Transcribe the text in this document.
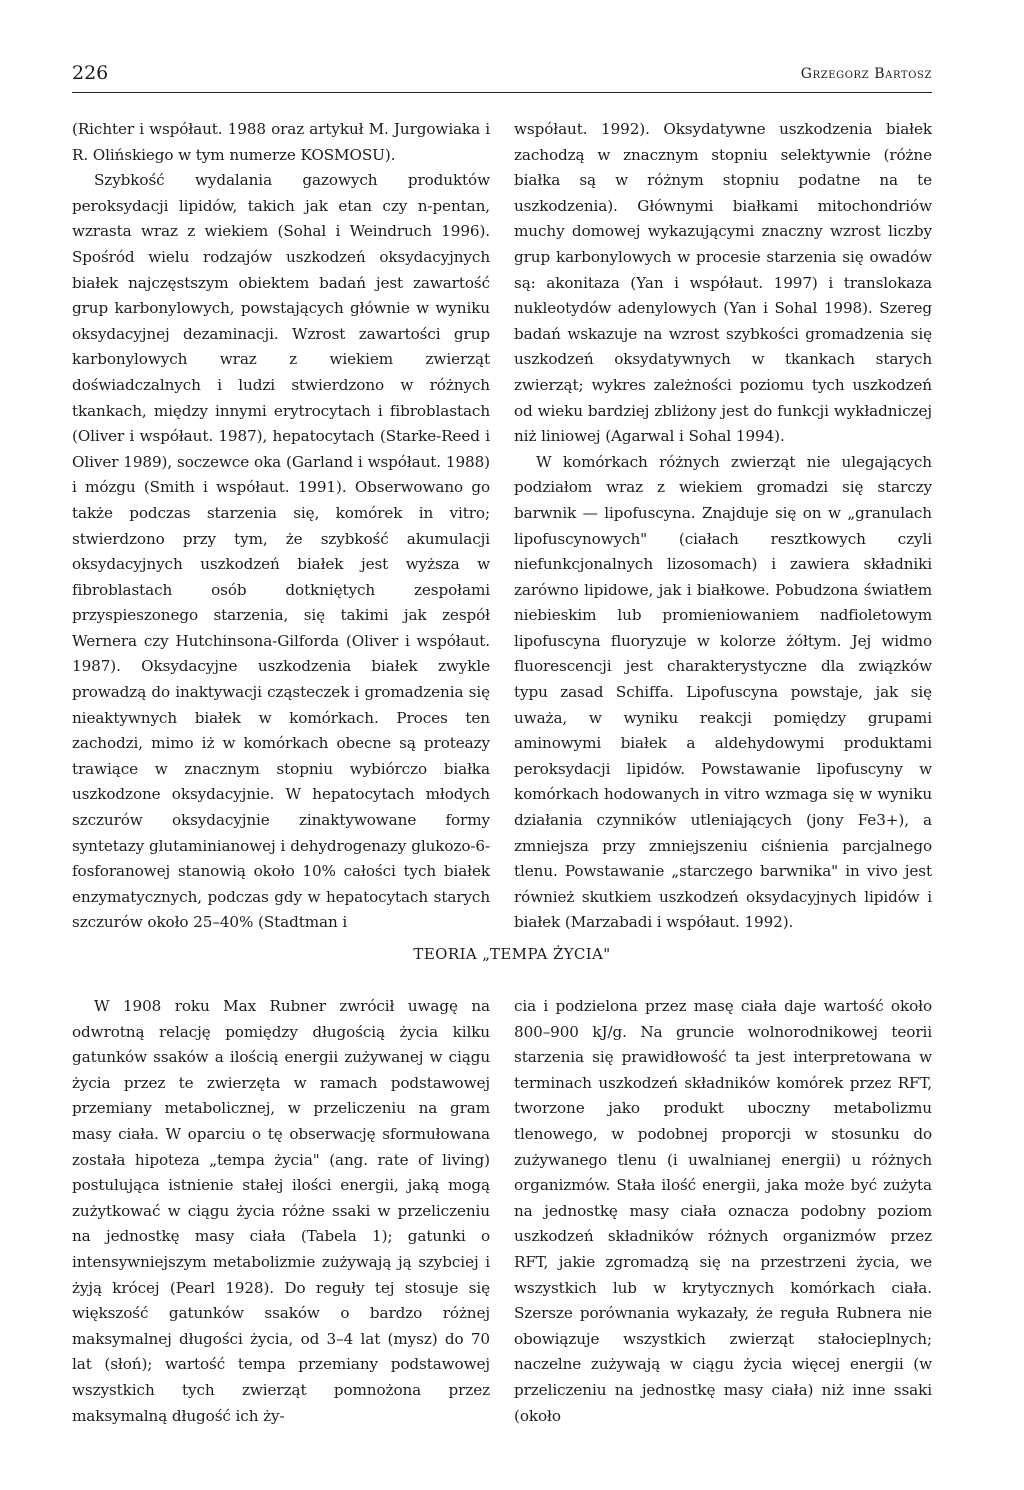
226	Grzegorz Bartosz

(Richter i współaut. 1988 oraz artykuł M. Jurgowiaka i R. Olińskiego w tym numerze KOSMOSU).

Szybkość wydalania gazowych produktów peroksydacji lipidów, takich jak etan czy n-pentan, wzrasta wraz z wiekiem (Sohal i Weindruch 1996). Spośród wielu rodzajów uszkodzeń oksydacyjnych białek najczęstszym obiektem badań jest zawartość grup karbonylowych, powstających głównie w wyniku oksydacyjnej dezaminacji. Wzrost zawartości grup karbonylowych wraz z wiekiem zwierząt doświadczalnych i ludzi stwierdzono w różnych tkankach, między innymi erytrocytach i fibroblastach (Oliver i współaut. 1987), hepatocytach (Starke-Reed i Oliver 1989), soczewce oka (Garland i współaut. 1988) i mózgu (Smith i współaut. 1991). Obserwowano go także podczas starzenia się, komórek in vitro; stwierdzono przy tym, że szybkość akumulacji oksydacyjnych uszkodzeń białek jest wyższa w fibroblastach osób dotkniętych zespołami przyspieszonego starzenia, się takimi jak zespół Wernera czy Hutchinsona-Gilforda (Oliver i współaut. 1987). Oksydacyjne uszkodzenia białek zwykle prowadzą do inaktywacji cząsteczek i gromadzenia się nieaktywnych białek w komórkach. Proces ten zachodzi, mimo iż w komórkach obecne są proteazy trawiące w znacznym stopniu wybiórczo białka uszkodzone oksydacyjnie. W hepatocytach młodych szczurów oksydacyjnie zinaktywowane formy syntetazy glutaminianowej i dehydrogenazy glukozo-6-fosforanowej stanowią około 10% całości tych białek enzymatycznych, podczas gdy w hepatocytach starych szczurów około 25–40% (Stadtman i

współaut. 1992). Oksydatywne uszkodzenia białek zachodzą w znacznym stopniu selektywnie (różne białka są w różnym stopniu podatne na te uszkodzenia). Głównymi białkami mitochondriów muchy domowej wykazującymi znaczny wzrost liczby grup karbonylowych w procesie starzenia się owadów są: akonitaza (Yan i współaut. 1997) i translokaza nukleotydów adenylowych (Yan i Sohal 1998). Szereg badań wskazuje na wzrost szybkości gromadzenia się uszkodzeń oksydatywnych w tkankach starych zwierząt; wykres zależności poziomu tych uszkodzeń od wieku bardziej zbliżony jest do funkcji wykładniczej niż liniowej (Agarwal i Sohal 1994).

W komórkach różnych zwierząt nie ulegających podziałom wraz z wiekiem gromadzi się starczy barwnik — lipofuscyna. Znajduje się on w „granulach lipofuscynowych" (ciałach resztkowych czyli niefunkcjonalnych lizosomach) i zawiera składniki zarówno lipidowe, jak i białkowe. Pobudzona światłem niebieskim lub promieniowaniem nadfioletowym lipofuscyna fluoryzuje w kolorze żółtym. Jej widmo fluorescencji jest charakterystyczne dla związków typu zasad Schiffa. Lipofuscyna powstaje, jak się uważa, w wyniku reakcji pomiędzy grupami aminowymi białek a aldehydowymi produktami peroksydacji lipidów. Powstawanie lipofuscyny w komórkach hodowanych in vitro wzmaga się w wyniku działania czynników utleniających (jony Fe3+), a zmniejsza przy zmniejszeniu ciśnienia parcjalnego tlenu. Powstawanie „starczego barwnika" in vivo jest również skutkiem uszkodzeń oksydacyjnych lipidów i białek (Marzabadi i współaut. 1992).

TEORIA „TEMPA ŻYCIA"

W 1908 roku Max Rubner zwrócił uwagę na odwrotną relację pomiędzy długością życia kilku gatunków ssaków a ilością energii zużywanej w ciągu życia przez te zwierzęta w ramach podstawowej przemiany metabolicznej, w przeliczeniu na gram masy ciała. W oparciu o tę obserwację sformułowana została hipoteza „tempa życia" (ang. rate of living) postulująca istnienie stałej ilości energii, jaką mogą zużytkować w ciągu życia różne ssaki w przeliczeniu na jednostkę masy ciała (Tabela 1); gatunki o intensywniejszym metabolizmie zużywają ją szybciej i żyją krócej (Pearl 1928). Do reguły tej stosuje się większość gatunków ssaków o bardzo różnej maksymalnej długości życia, od 3–4 lat (mysz) do 70 lat (słoń); wartość tempa przemiany podstawowej wszystkich tych zwierząt pomnożona przez maksymalną długość ich ży-

cia i podzielona przez masę ciała daje wartość około 800–900 kJ/g. Na gruncie wolnorodnikowej teorii starzenia się prawidłowość ta jest interpretowana w terminach uszkodzeń składników komórek przez RFT, tworzone jako produkt uboczny metabolizmu tlenowego, w podobnej proporcji w stosunku do zużywanego tlenu (i uwalnianej energii) u różnych organizmów. Stała ilość energii, jaka może być zużyta na jednostkę masy ciała oznacza podobny poziom uszkodzeń składników różnych organizmów przez RFT, jakie zgromadzą się na przestrzeni życia, we wszystkich lub w krytycznych komórkach ciała. Szersze porównania wykazały, że reguła Rubnera nie obowiązuje wszystkich zwierząt stałocieplnych; naczelne zużywają w ciągu życia więcej energii (w przeliczeniu na jednostkę masy ciała) niż inne ssaki (około
